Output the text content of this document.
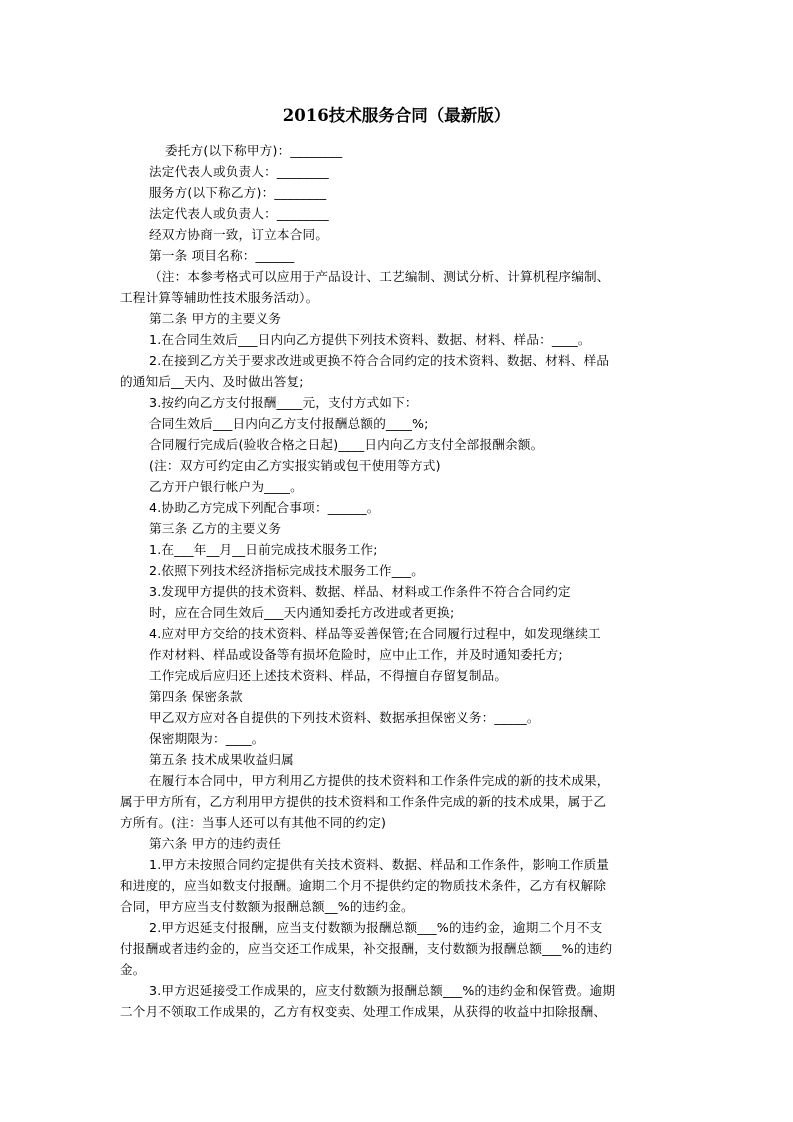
2016技术服务合同（最新版）
委托方(以下称甲方)：________
法定代表人或负责人：________
服务方(以下称乙方)：________
法定代表人或负责人：________
经双方协商一致，订立本合同。
第一条 项目名称：______
（注：本参考格式可以应用于产品设计、工艺编制、测试分析、计算机程序编制、
工程计算等辅助性技术服务活动）。
第二条 甲方的主要义务
1.在合同生效后___日内向乙方提供下列技术资料、数据、材料、样品：____。
2.在接到乙方关于要求改进或更换不符合合同约定的技术资料、数据、材料、样品
的通知后__天内、及时做出答复;
3.按约向乙方支付报酬____元，支付方式如下：
合同生效后___日内向乙方支付报酬总额的____%;
合同履行完成后(验收合格之日起)____日内向乙方支付全部报酬余额。
(注：双方可约定由乙方实报实销或包干使用等方式)
乙方开户银行帐户为____。
4.协助乙方完成下列配合事项：______。
第三条 乙方的主要义务
1.在___年__月__日前完成技术服务工作;
2.依照下列技术经济指标完成技术服务工作___。
3.发现甲方提供的技术资料、数据、样品、材料或工作条件不符合合同约定
时，应在合同生效后___天内通知委托方改进或者更换;
4.应对甲方交给的技术资料、样品等妥善保管;在合同履行过程中，如发现继续工
作对材料、样品或设备等有损坏危险时，应中止工作，并及时通知委托方;
工作完成后应归还上述技术资料、样品，不得擅自存留复制品。
第四条 保密条款
甲乙双方应对各自提供的下列技术资料、数据承担保密义务：_____。
保密期限为：____。
第五条 技术成果收益归属
在履行本合同中，甲方利用乙方提供的技术资料和工作条件完成的新的技术成果，
属于甲方所有，乙方利用甲方提供的技术资料和工作条件完成的新的技术成果，属于乙
方所有。(注：当事人还可以有其他不同的约定)
第六条 甲方的违约责任
1.甲方未按照合同约定提供有关技术资料、数据、样品和工作条件，影响工作质量
和进度的，应当如数支付报酬。逾期二个月不提供约定的物质技术条件，乙方有权解除
合同，甲方应当支付数额为报酬总额__%的违约金。
2.甲方迟延支付报酬，应当支付数额为报酬总额___%的违约金，逾期二个月不支
付报酬或者违约金的，应当交还工作成果，补交报酬，支付数额为报酬总额___%的违约
金。
3.甲方迟延接受工作成果的，应支付数额为报酬总额___%的违约金和保管费。逾期
二个月不领取工作成果的，乙方有权变卖、处理工作成果，从获得的收益中扣除报酬、
